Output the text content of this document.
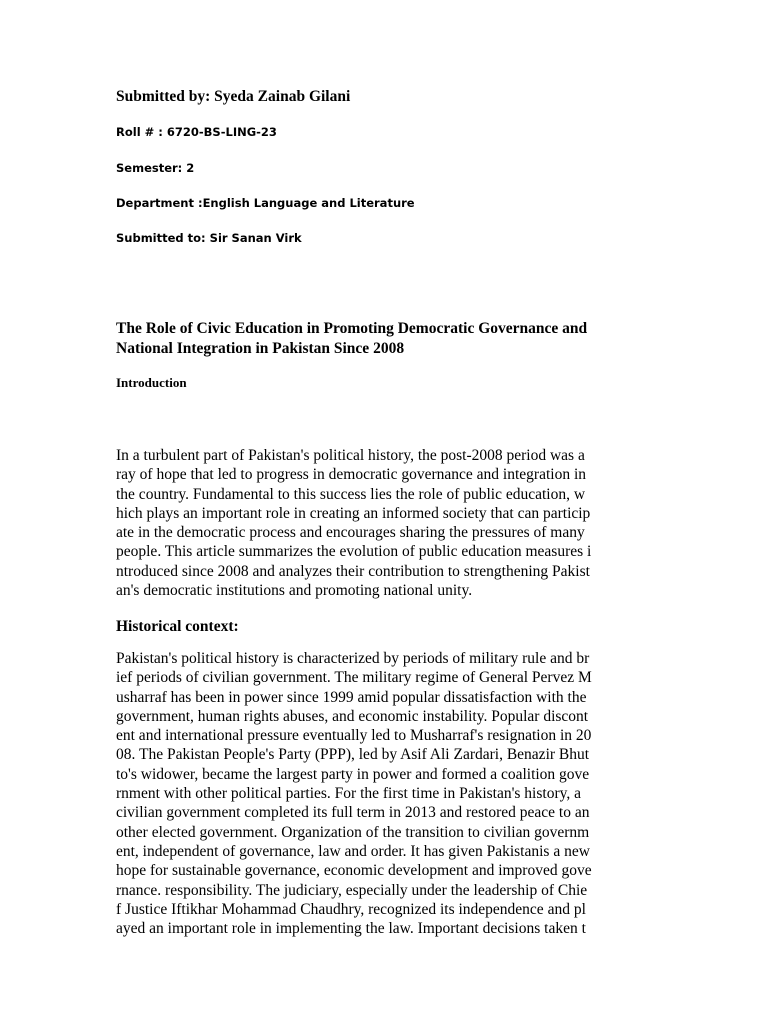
Submitted by: Syeda Zainab Gilani
Roll # : 6720-BS-LING-23
Semester: 2
Department :English Language and Literature
Submitted to: Sir Sanan Virk
The Role of Civic Education in Promoting Democratic Governance and
National Integration in Pakistan Since 2008
Introduction
In a turbulent part of Pakistan's political history, the post-2008 period was a
ray of hope that led to progress in democratic governance and integration in
the country. Fundamental to this success lies the role of public education, w
hich plays an important role in creating an informed society that can particip
ate in the democratic process and encourages sharing the pressures of many
people. This article summarizes the evolution of public education measures i
ntroduced since 2008 and analyzes their contribution to strengthening Pakist
an's democratic institutions and promoting national unity.
Historical context:
Pakistan's political history is characterized by periods of military rule and br
ief periods of civilian government. The military regime of General Pervez M
usharraf has been in power since 1999 amid popular dissatisfaction with the
government, human rights abuses, and economic instability. Popular discont
ent and international pressure eventually led to Musharraf's resignation in 20
08. The Pakistan People's Party (PPP), led by Asif Ali Zardari, Benazir Bhut
to's widower, became the largest party in power and formed a coalition gove
rnment with other political parties. For the first time in Pakistan's history, a
civilian government completed its full term in 2013 and restored peace to an
other elected government. Organization of the transition to civilian governm
ent, independent of governance, law and order. It has given Pakistanis a new
hope for sustainable governance, economic development and improved gove
rnance. responsibility. The judiciary, especially under the leadership of Chie
f Justice Iftikhar Mohammad Chaudhry, recognized its independence and pl
ayed an important role in implementing the law. Important decisions taken t
